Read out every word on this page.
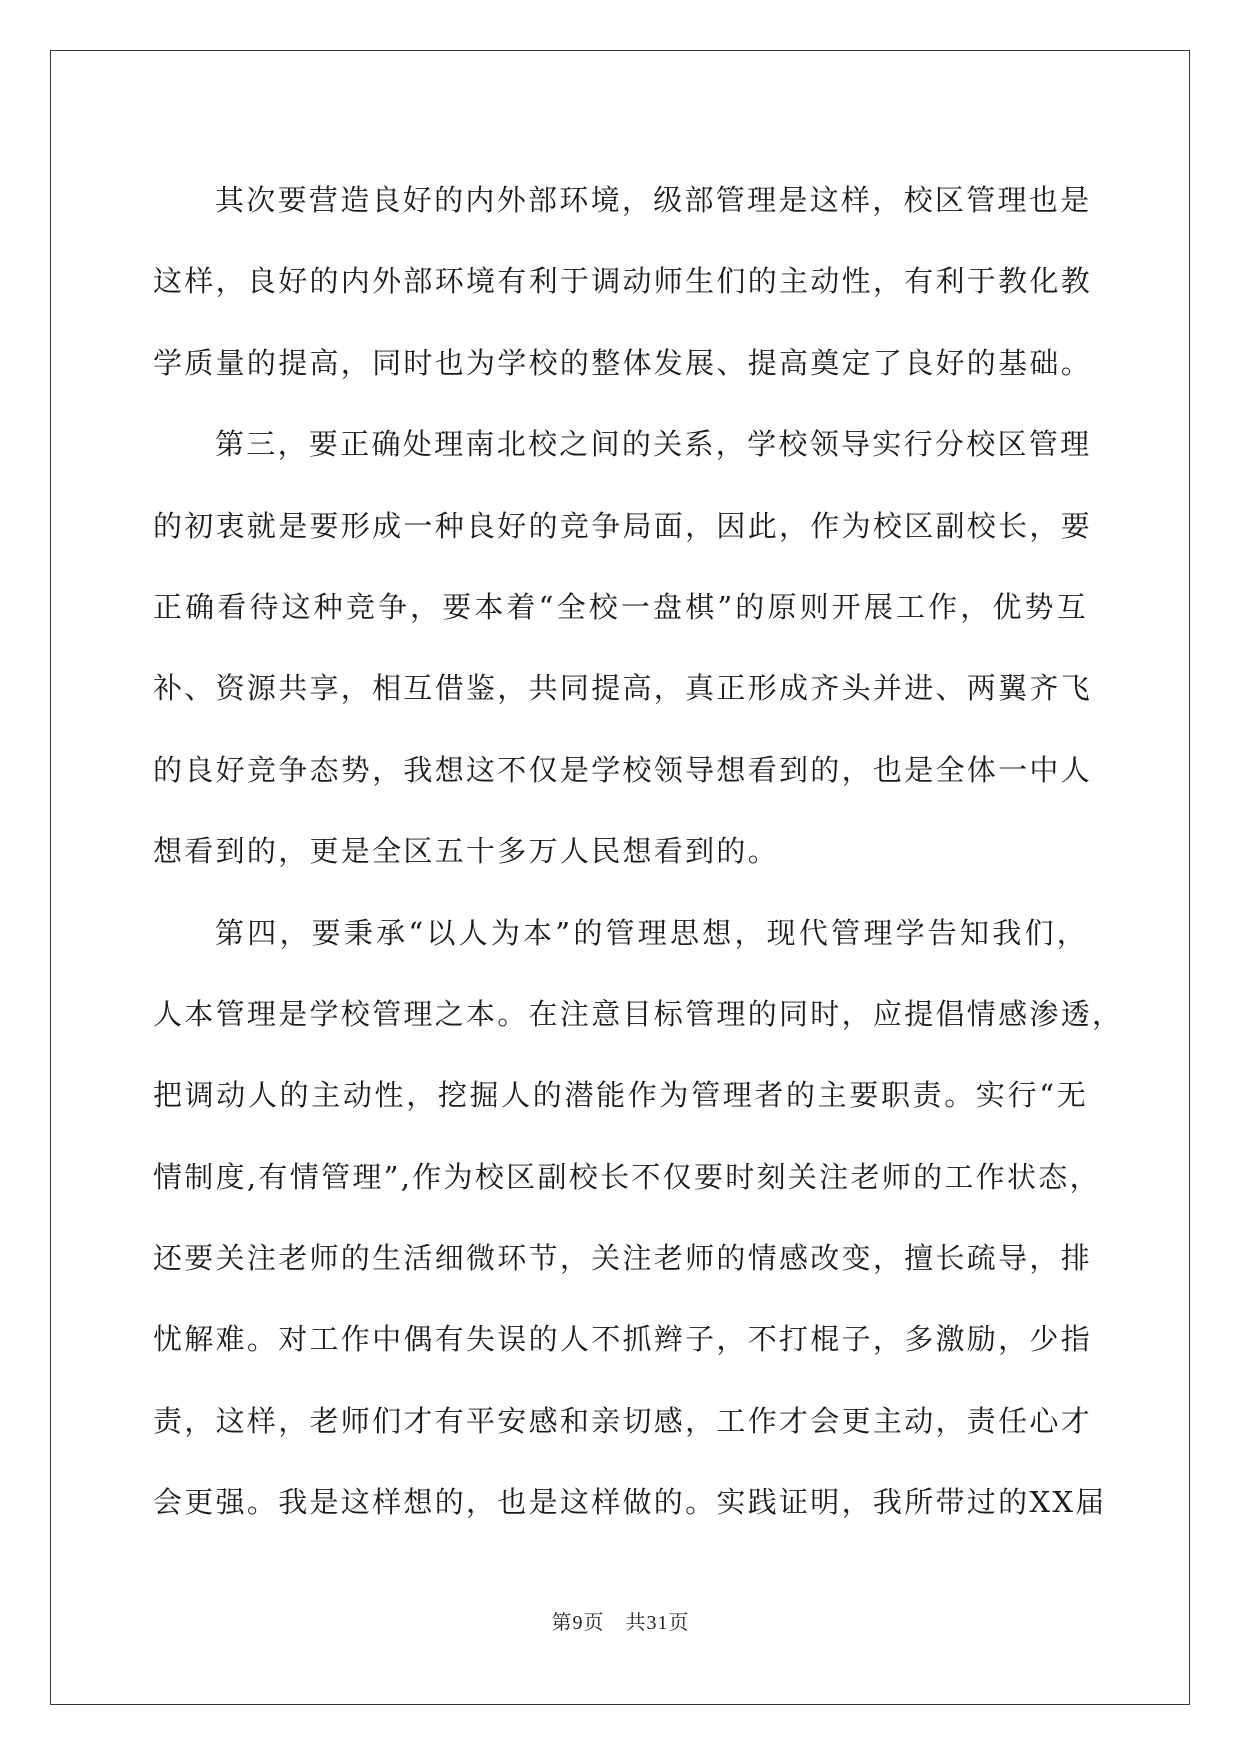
其次要营造良好的内外部环境，级部管理是这样，校区管理也是
这样，良好的内外部环境有利于调动师生们的主动性，有利于教化教
学质量的提高，同时也为学校的整体发展、提高奠定了良好的基础。
第三，要正确处理南北校之间的关系，学校领导实行分校区管理
的初衷就是要形成一种良好的竞争局面，因此，作为校区副校长，要
正确看待这种竞争，要本着“全校一盘棋”的原则开展工作，优势互
补、资源共享，相互借鉴，共同提高，真正形成齐头并进、两翼齐飞
的良好竞争态势，我想这不仅是学校领导想看到的，也是全体一中人
想看到的，更是全区五十多万人民想看到的。
第四，要秉承“以人为本”的管理思想，现代管理学告知我们，
人本管理是学校管理之本。在注意目标管理的同时，应提倡情感渗透，
把调动人的主动性，挖掘人的潜能作为管理者的主要职责。实行“无
情制度,有情管理”,作为校区副校长不仅要时刻关注老师的工作状态，
还要关注老师的生活细微环节，关注老师的情感改变，擅长疏导，排
忧解难。对工作中偶有失误的人不抓辫子，不打棍子，多激励，少指
责，这样，老师们才有平安感和亲切感，工作才会更主动，责任心才
会更强。我是这样想的，也是这样做的。实践证明，我所带过的XX届
第9页　共31页
